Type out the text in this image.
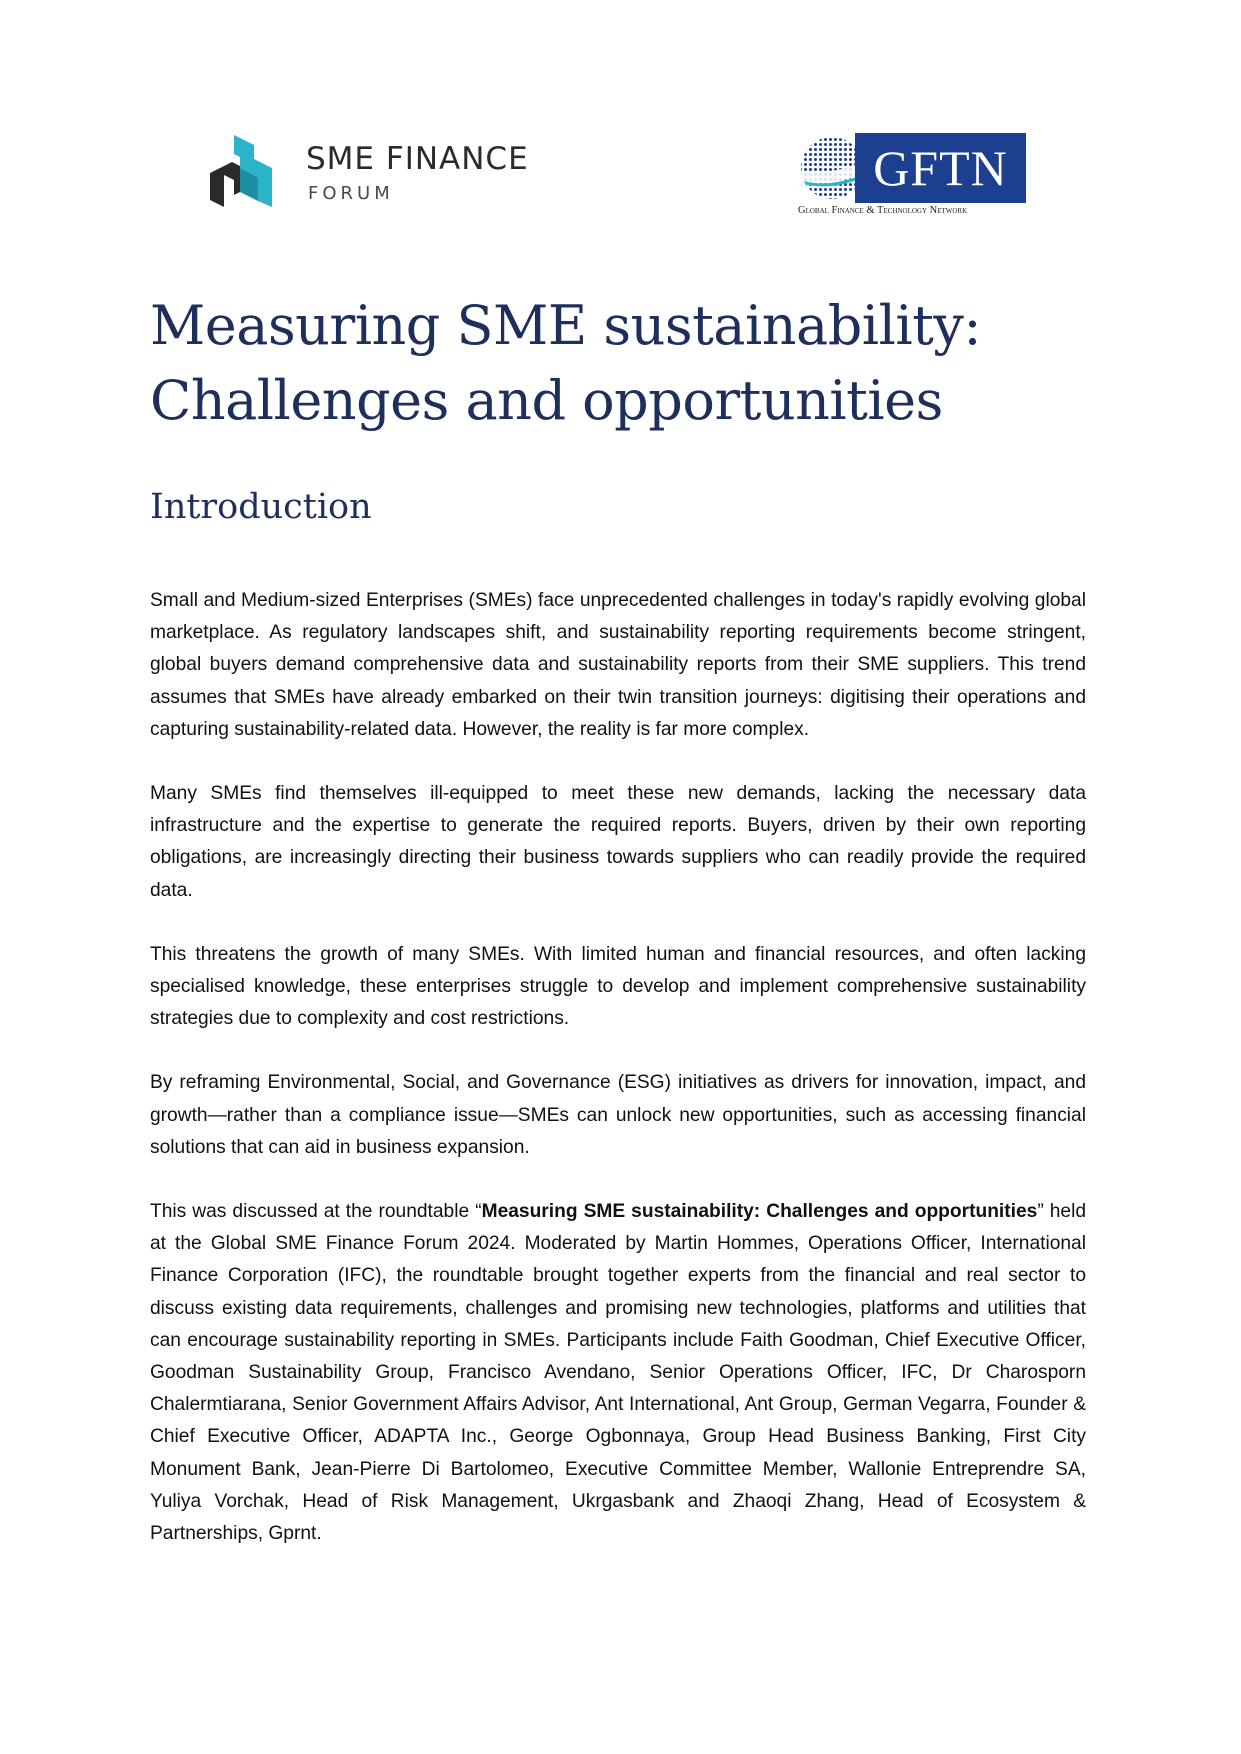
SME FINANCE
FORUM	GFTN
Global Finance & Technology Network
Measuring SME sustainability: Challenges and opportunities
Introduction

Small and Medium-sized Enterprises (SMEs) face unprecedented challenges in today's rapidly evolving global marketplace. As regulatory landscapes shift, and sustainability reporting requirements become stringent, global buyers demand comprehensive data and sustainability reports from their SME suppliers. This trend assumes that SMEs have already embarked on their twin transition journeys: digitising their operations and capturing sustainability-related data. However, the reality is far more complex.

Many SMEs find themselves ill-equipped to meet these new demands, lacking the necessary data infrastructure and the expertise to generate the required reports. Buyers, driven by their own reporting obligations, are increasingly directing their business towards suppliers who can readily provide the required data.

This threatens the growth of many SMEs. With limited human and financial resources, and often lacking specialised knowledge, these enterprises struggle to develop and implement comprehensive sustainability strategies due to complexity and cost restrictions.

By reframing Environmental, Social, and Governance (ESG) initiatives as drivers for innovation, impact, and growth—rather than a compliance issue—SMEs can unlock new opportunities, such as accessing financial solutions that can aid in business expansion.

This was discussed at the roundtable “Measuring SME sustainability: Challenges and opportunities” held at the Global SME Finance Forum 2024. Moderated by Martin Hommes, Operations Officer, International Finance Corporation (IFC), the roundtable brought together experts from the financial and real sector to discuss existing data requirements, challenges and promising new technologies, platforms and utilities that can encourage sustainability reporting in SMEs. Participants include Faith Goodman, Chief Executive Officer, Goodman Sustainability Group, Francisco Avendano, Senior Operations Officer, IFC, Dr Charosporn Chalermtiarana, Senior Government Affairs Advisor, Ant International, Ant Group, German Vegarra, Founder & Chief Executive Officer, ADAPTA Inc., George Ogbonnaya, Group Head Business Banking, First City Monument Bank, Jean-Pierre Di Bartolomeo, Executive Committee Member, Wallonie Entreprendre SA, Yuliya Vorchak, Head of Risk Management, Ukrgasbank and Zhaoqi Zhang, Head of Ecosystem & Partnerships, Gprnt.
